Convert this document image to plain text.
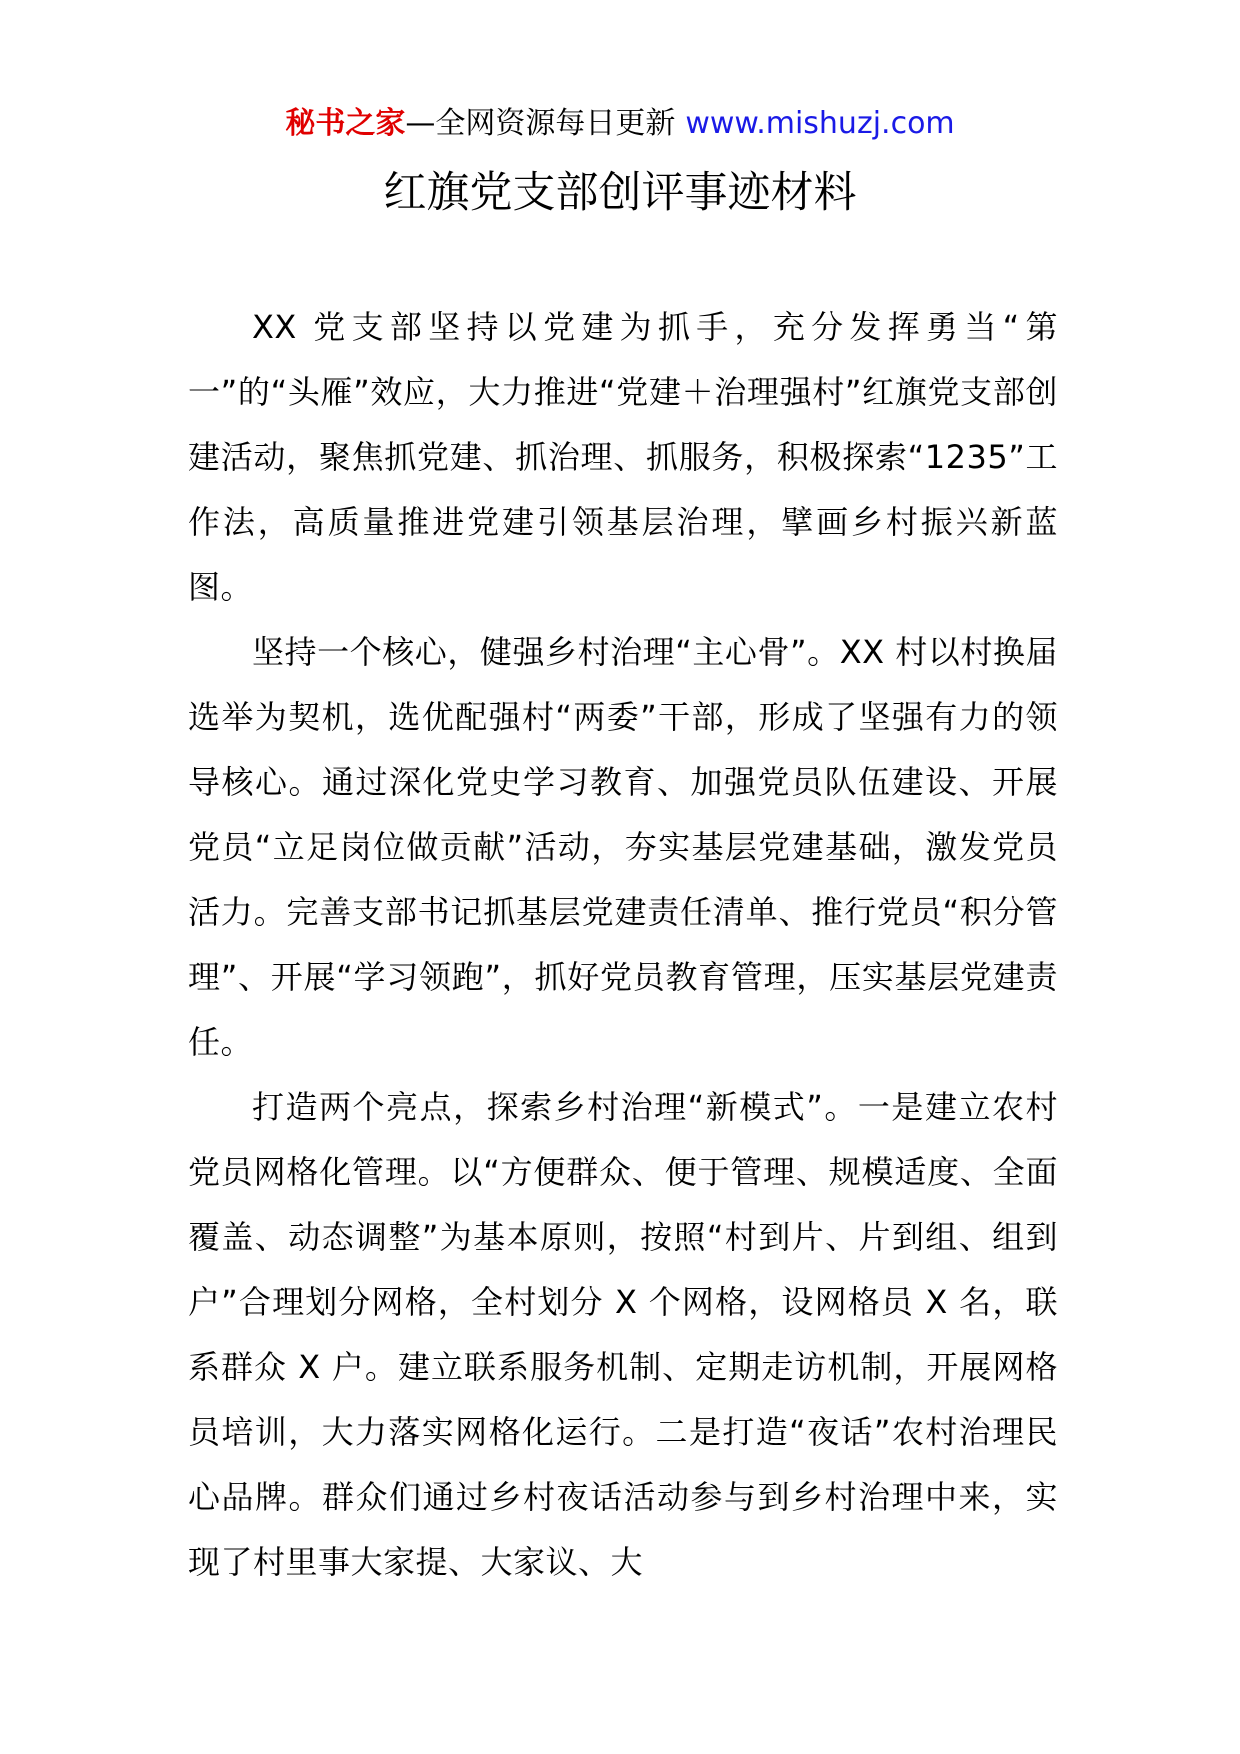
秘书之家—全网资源每日更新 www.mishuzj.com
红旗党支部创评事迹材料

XX 党支部坚持以党建为抓手，充分发挥勇当“第一”的“头雁”效应，大力推进“党建＋治理强村”红旗党支部创建活动，聚焦抓党建、抓治理、抓服务，积极探索“1235”工作法，高质量推进党建引领基层治理，擘画乡村振兴新蓝图。

坚持一个核心，健强乡村治理“主心骨”。XX 村以村换届选举为契机，选优配强村“两委”干部，形成了坚强有力的领导核心。通过深化党史学习教育、加强党员队伍建设、开展党员“立足岗位做贡献”活动，夯实基层党建基础，激发党员活力。完善支部书记抓基层党建责任清单、推行党员“积分管理”、开展“学习领跑”，抓好党员教育管理，压实基层党建责任。

打造两个亮点，探索乡村治理“新模式”。一是建立农村党员网格化管理。以“方便群众、便于管理、规模适度、全面覆盖、动态调整”为基本原则，按照“村到片、片到组、组到户”合理划分网格，全村划分 X 个网格，设网格员 X 名，联系群众 X 户。建立联系服务机制、定期走访机制，开展网格员培训，大力落实网格化运行。二是打造“夜话”农村治理民心品牌。群众们通过乡村夜话活动参与到乡村治理中来，实现了村里事大家提、大家议、大
